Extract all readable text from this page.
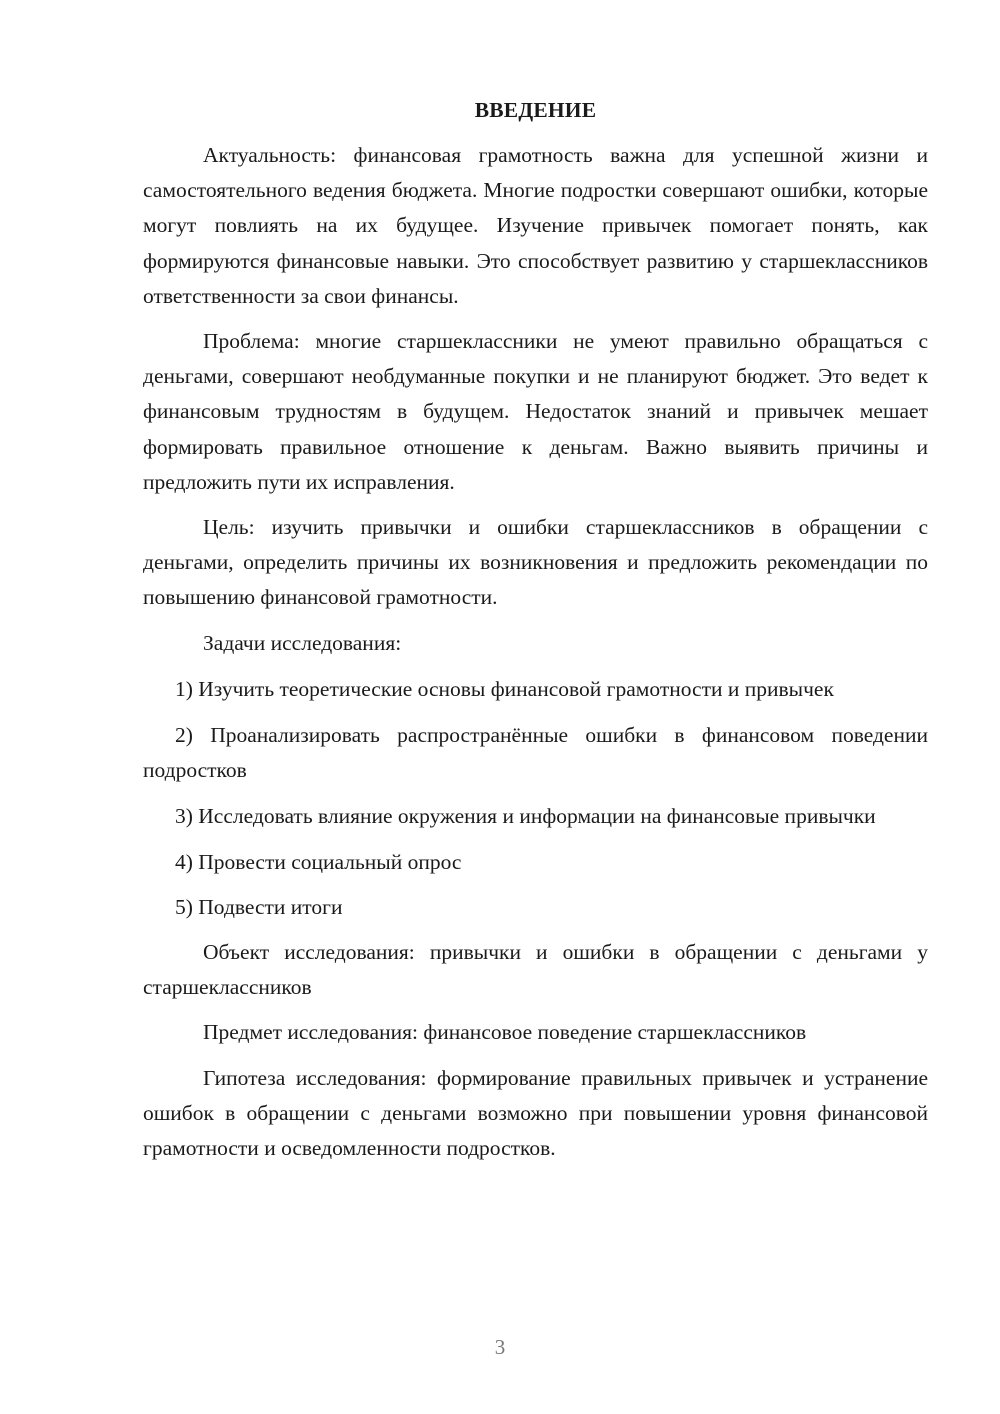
ВВЕДЕНИЕ

Актуальность: финансовая грамотность важна для успешной жизни и самостоятельного ведения бюджета. Многие подростки совершают ошибки, которые могут повлиять на их будущее. Изучение привычек помогает понять, как формируются финансовые навыки. Это способствует развитию у старшеклассников ответственности за свои финансы.

Проблема: многие старшеклассники не умеют правильно обращаться с деньгами, совершают необдуманные покупки и не планируют бюджет. Это ведет к финансовым трудностям в будущем. Недостаток знаний и привычек мешает формировать правильное отношение к деньгам. Важно выявить причины и предложить пути их исправления.

Цель: изучить привычки и ошибки старшеклассников в обращении с деньгами, определить причины их возникновения и предложить рекомендации по повышению финансовой грамотности.

Задачи исследования:

1) Изучить теоретические основы финансовой грамотности и привычек

2) Проанализировать распространённые ошибки в финансовом поведении подростков

3) Исследовать влияние окружения и информации на финансовые привычки

4) Провести социальный опрос

5) Подвести итоги

Объект исследования: привычки и ошибки в обращении с деньгами у старшеклассников

Предмет исследования: финансовое поведение старшеклассников

Гипотеза исследования: формирование правильных привычек и устранение ошибок в обращении с деньгами возможно при повышении уровня финансовой грамотности и осведомленности подростков.

3
